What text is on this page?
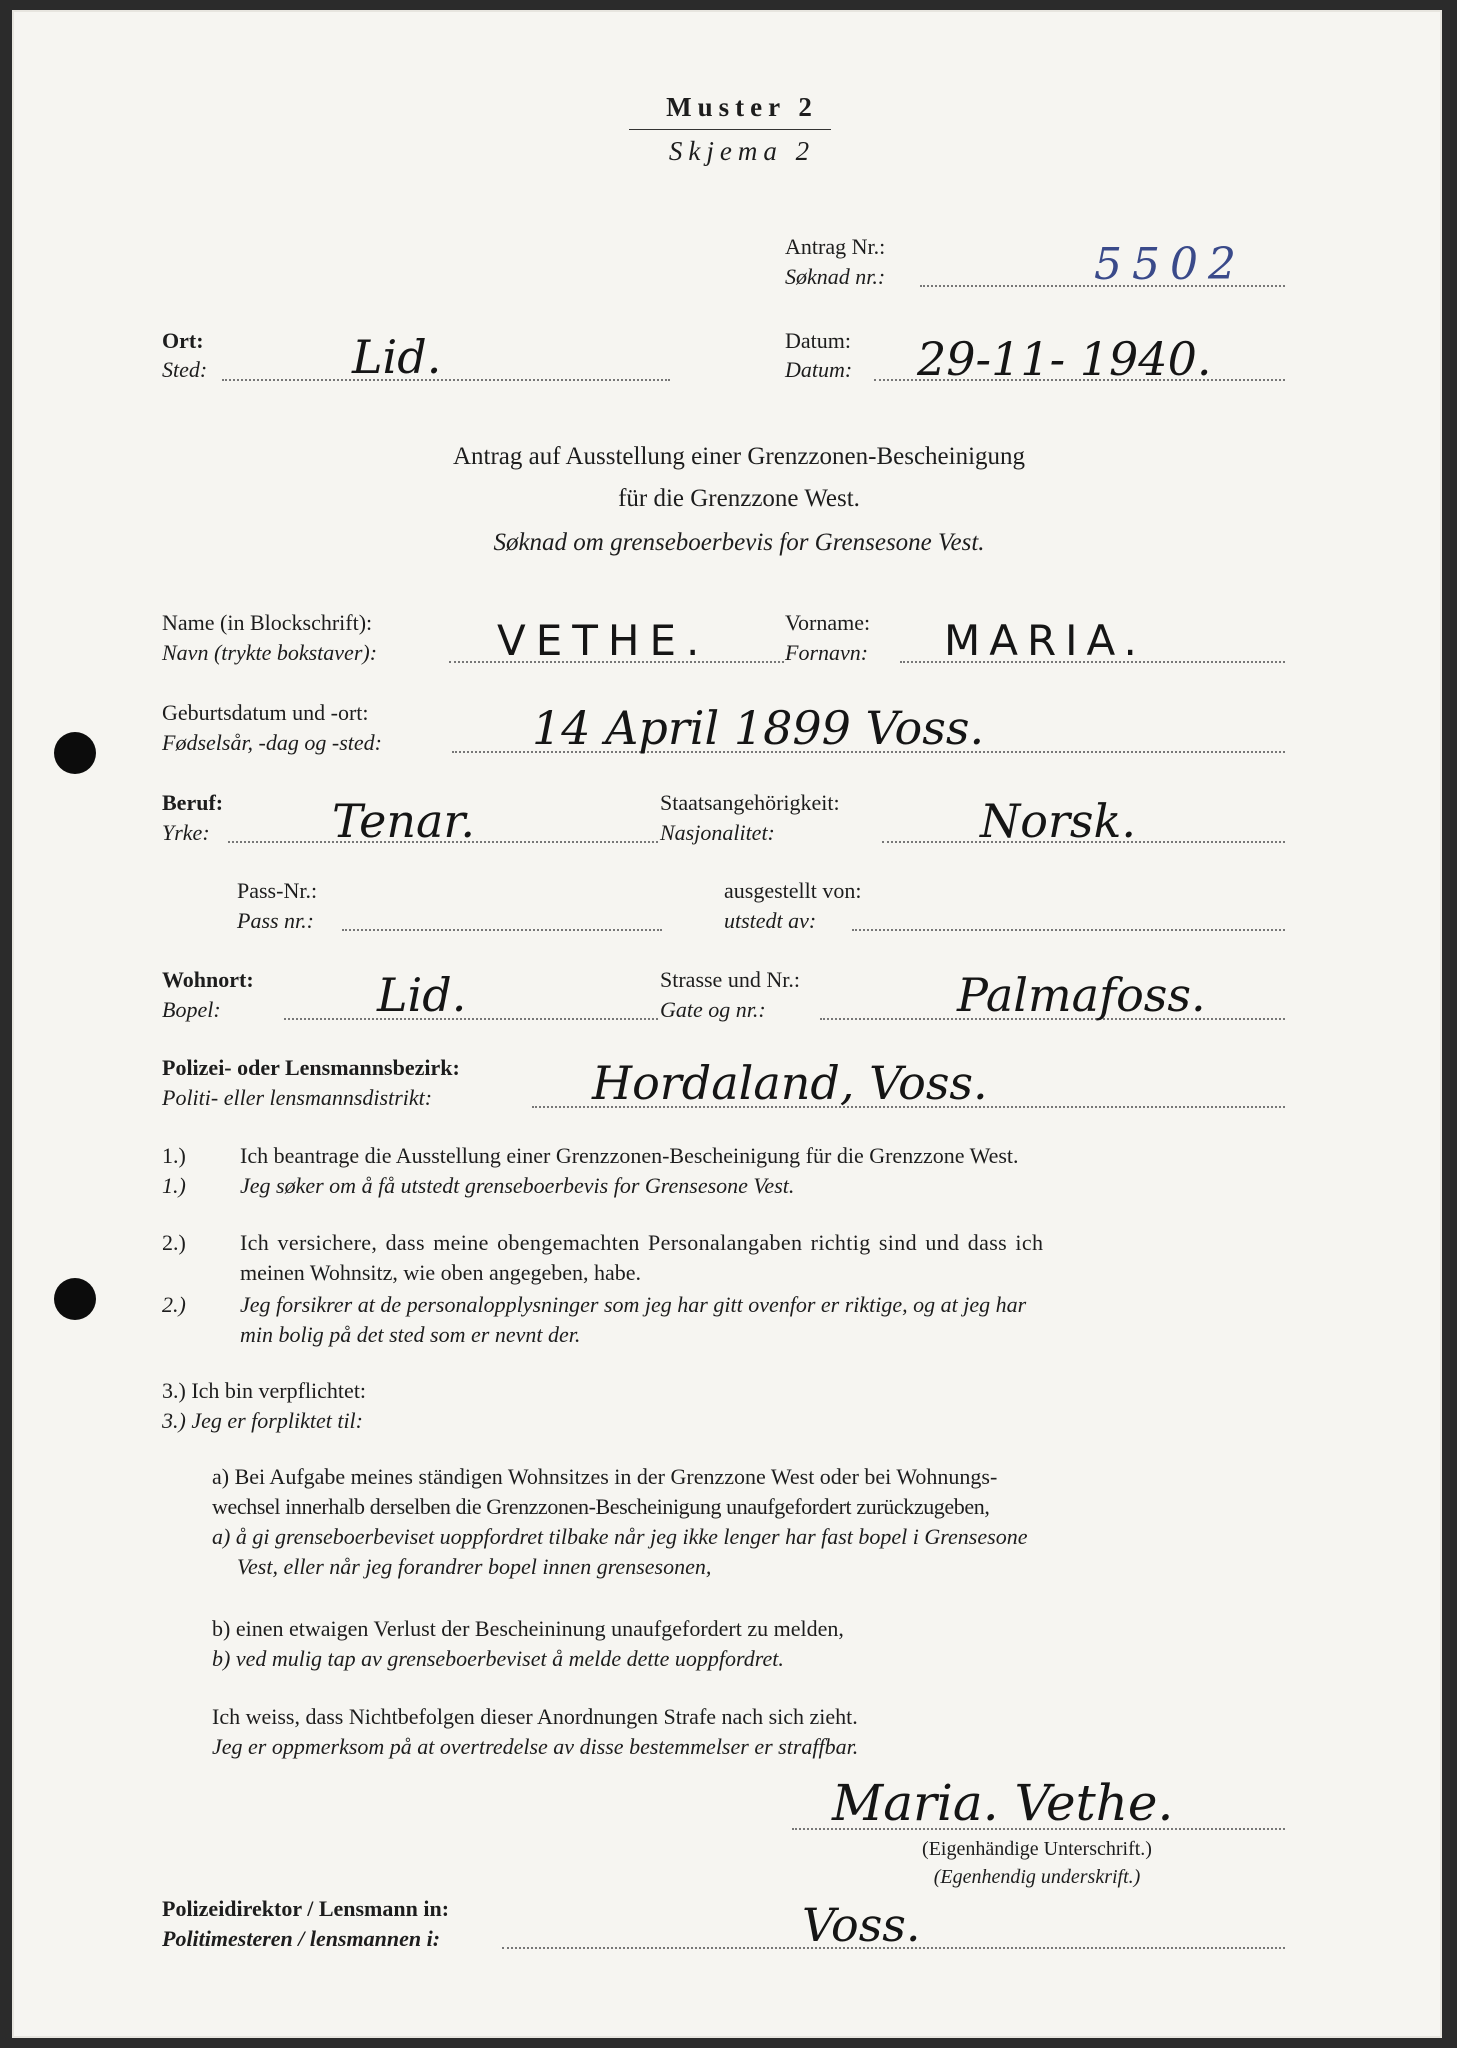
Muster 2
Skjema 2
Antrag Nr.:
Søknad nr.:	5502
Ort:
Sted:	Lid.	Datum:
Datum: 29-11- 1940.
Antrag auf Ausstellung einer Grenzzonen-Bescheinigung
für die Grenzzone West.
Søknad om grenseboerbevis for Grensesone Vest.
Name (in Blockschrift):
Navn (trykte bokstaver):	VETHE.	Vorname:
Fornavn: MARIA.
Geburtsdatum und -ort:
Fødselsår, -dag og -sted:	14 April 1899 Voss.
Beruf:
Yrke:	Tenar.	Staatsangehörigkeit:
Nasjonalitet:	Norsk.
Pass-Nr.:
Pass nr.:
ausgestellt von:
utstedt av:
Wohnort:
Bopel:	Lid.	Strasse und Nr.:
Gate og nr.:	Palmafoss.
Polizei- oder Lensmannsbezirk:
Politi- eller lensmannsdistrikt:	Hordaland, Voss.
1.) Ich beantrage die Ausstellung einer Grenzzonen-Bescheinigung für die Grenzzone West.
1.) Jeg søker om å få utstedt grenseboerbevis for Grensesone Vest.
2.) Ich versichere, dass meine obengemachten Personalangaben richtig sind und dass ich
meinen Wohnsitz, wie oben angegeben, habe.
2.) Jeg forsikrer at de personalopplysninger som jeg har gitt ovenfor er riktige, og at jeg har
min bolig på det sted som er nevnt der.
3.) Ich bin verpflichtet:
3.) Jeg er forpliktet til:
a) Bei Aufgabe meines ständigen Wohnsitzes in der Grenzzone West oder bei Wohnungs-
wechsel innerhalb derselben die Grenzzonen-Bescheinigung unaufgefordert zurückzugeben,
a) å gi grenseboerbeviset uoppfordret tilbake når jeg ikke lenger har fast bopel i Grensesone
Vest, eller når jeg forandrer bopel innen grensesonen,
b) einen etwaigen Verlust der Bescheininung unaufgefordert zu melden,
b) ved mulig tap av grenseboerbeviset å melde dette uoppfordret.
Ich weiss, dass Nichtbefolgen dieser Anordnungen Strafe nach sich zieht.
Jeg er oppmerksom på at overtredelse av disse bestemmelser er straffbar.
Maria. Vethe.
(Eigenhändige Unterschrift.)
(Egenhendig underskrift.)
Polizeidirektor / Lensmann in:
Politimesteren / lensmannen i:	Voss.
